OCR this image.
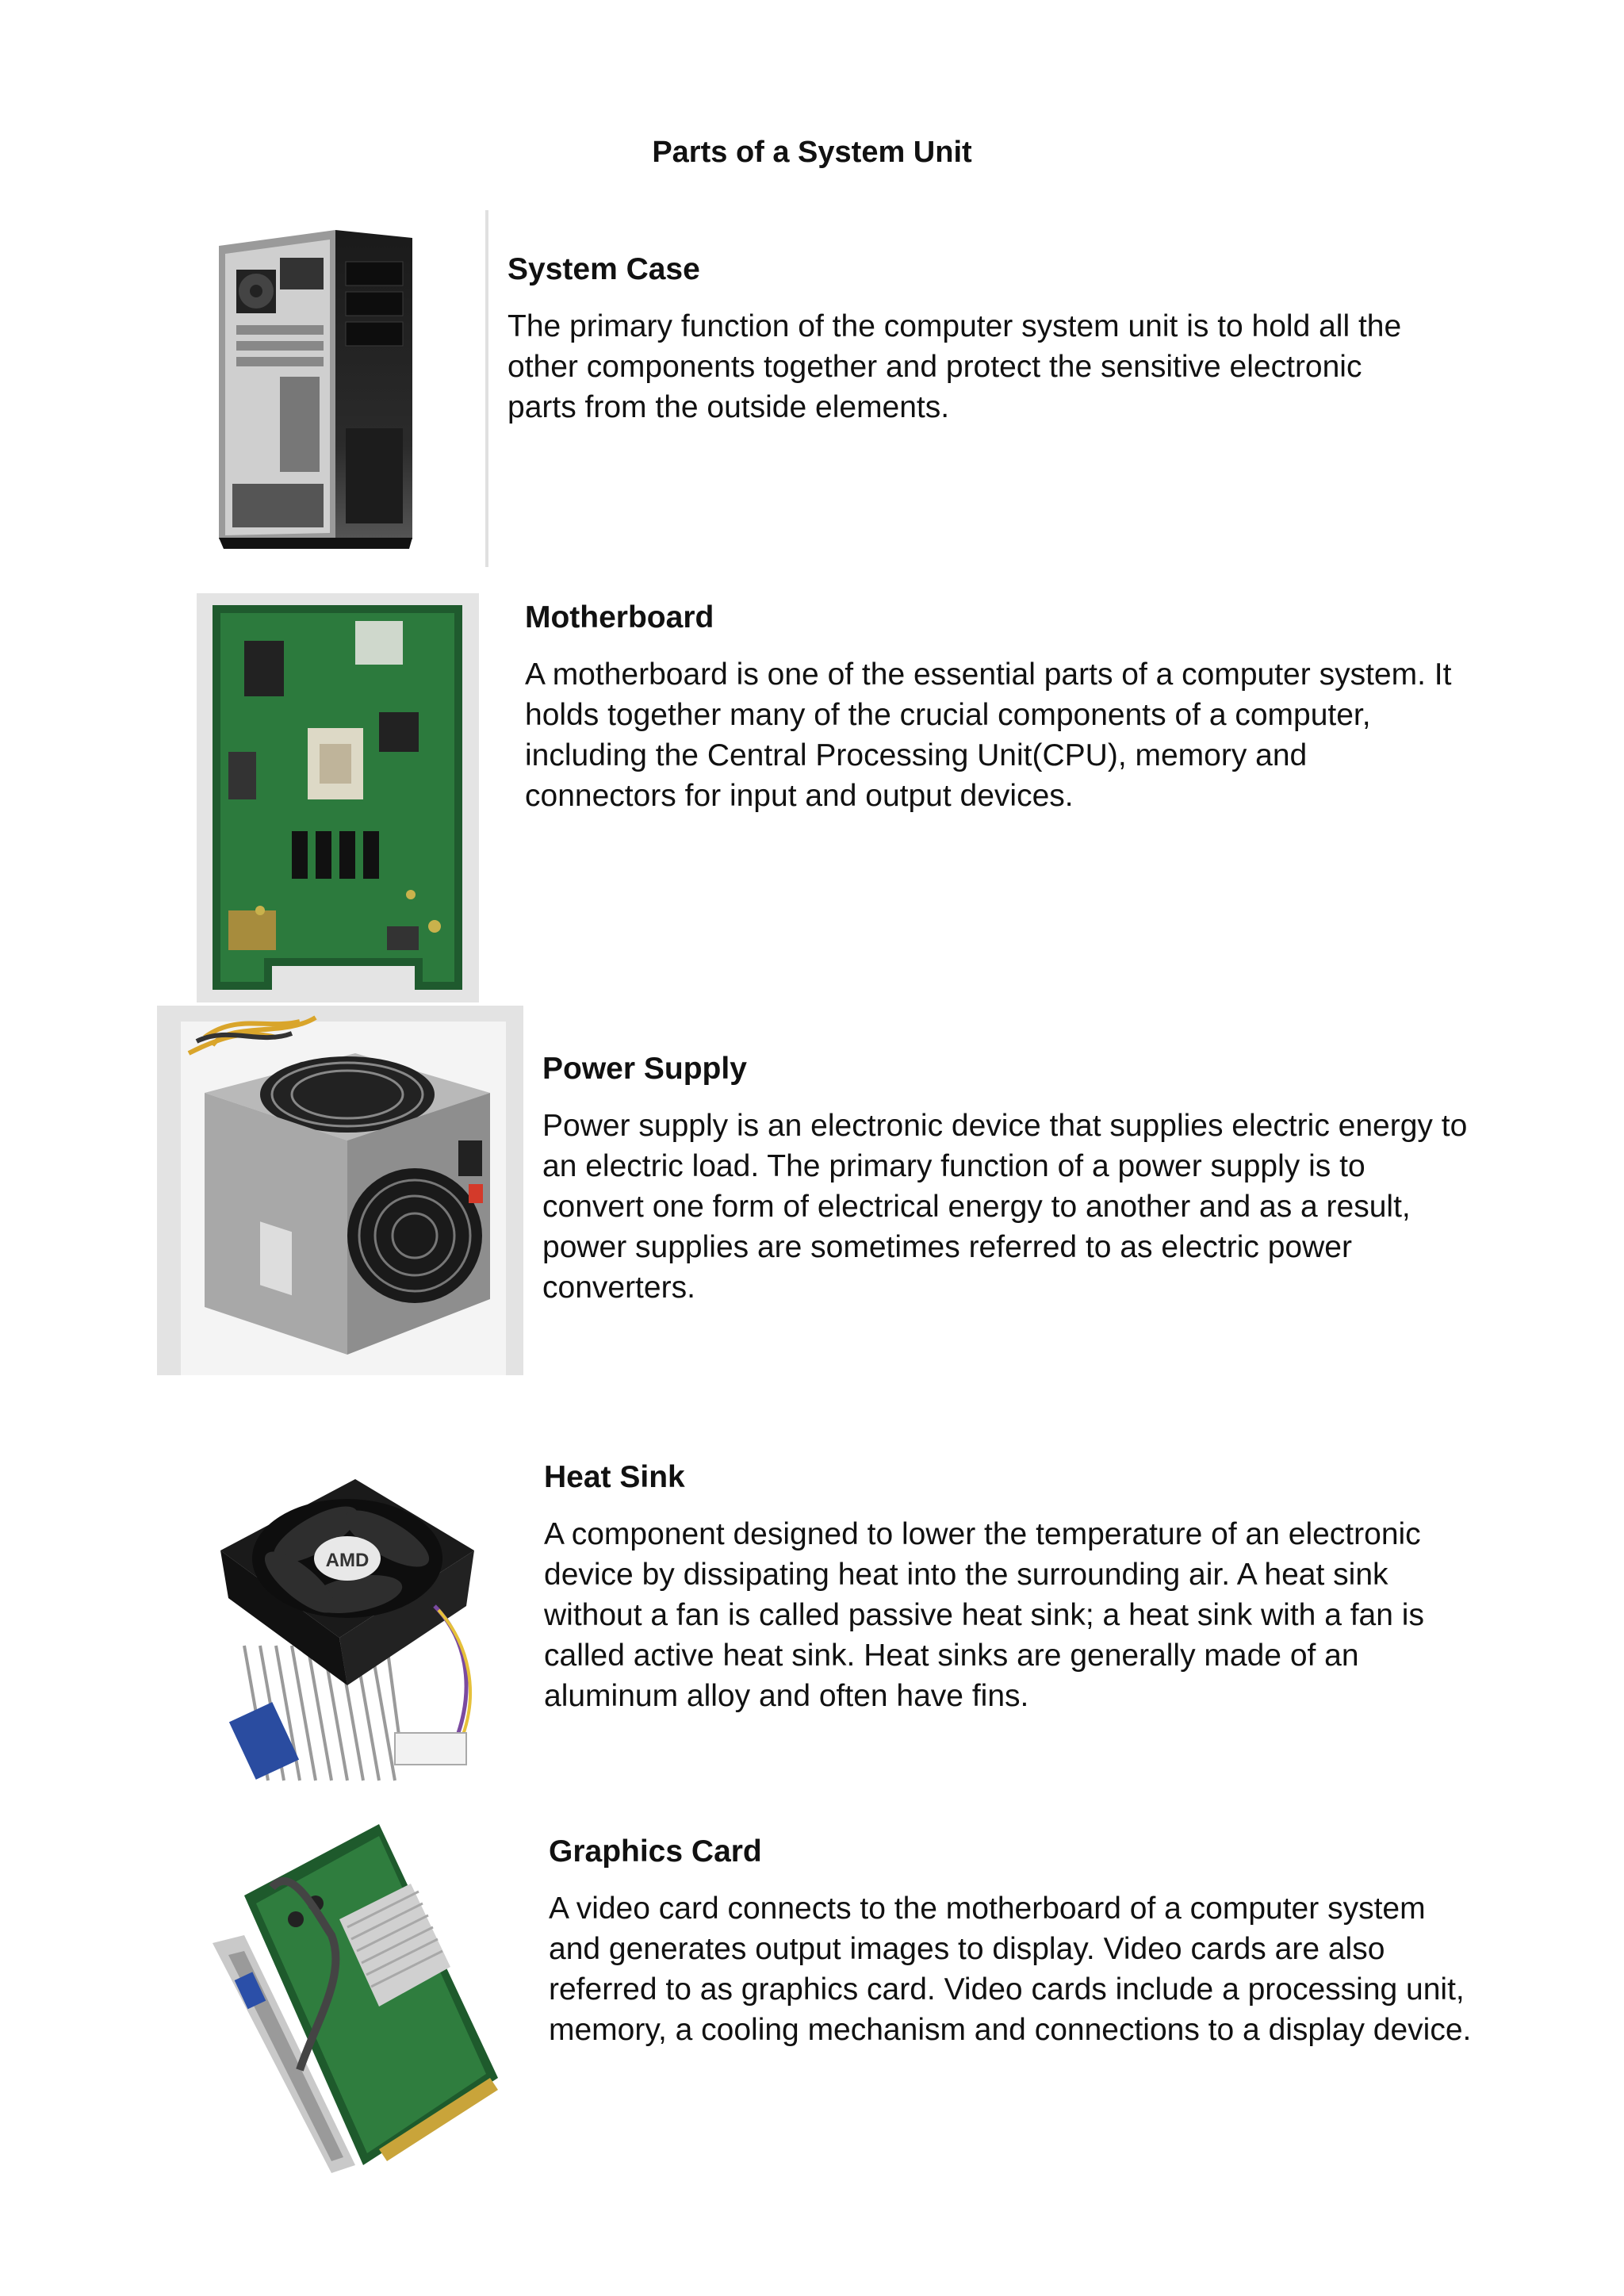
Parts of a System Unit
System Case

The primary function of the computer system unit is to hold all the other components together and protect the sensitive electronic parts from the outside elements.

Motherboard

A motherboard is one of the essential parts of a computer system. It holds together many of the crucial components of a computer, including the Central Processing Unit(CPU), memory and connectors for input and output devices.

Power Supply

Power supply is an electronic device that supplies electric energy to an electric load. The primary function of a power supply is to convert one form of electrical energy to another and as a result, power supplies are sometimes referred to as electric power converters.

AMD
Heat Sink

A component designed to lower the temperature of an electronic device by dissipating heat into the surrounding air. A heat sink without a fan is called passive heat sink; a heat sink with a fan is called active heat sink. Heat sinks are generally made of an aluminum alloy and often have fins.

Graphics Card

A video card connects to the motherboard of a computer system and generates output images to display. Video cards are also referred to as graphics card. Video cards include a processing unit, memory, a cooling mechanism and connections to a display device.
